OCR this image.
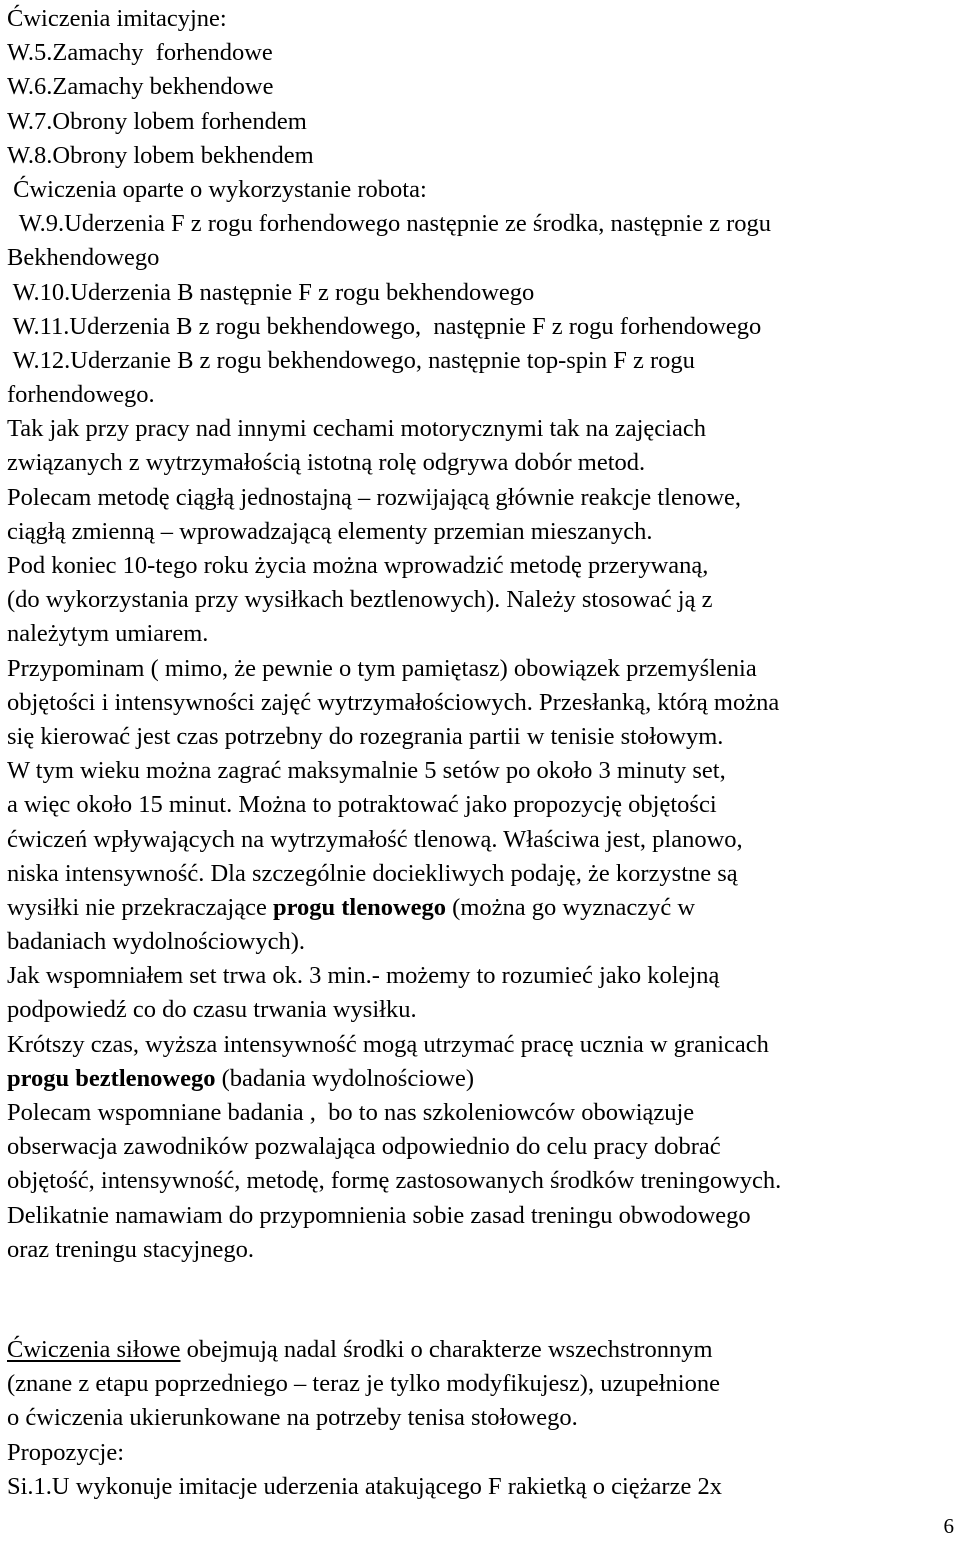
Ćwiczenia imitacyjne:
W.5.Zamachy  forhendowe
W.6.Zamachy bekhendowe
W.7.Obrony lobem forhendem
W.8.Obrony lobem bekhendem
Ćwiczenia oparte o wykorzystanie robota:
W.9.Uderzenia F z rogu forhendowego następnie ze środka, następnie z rogu
Bekhendowego
W.10.Uderzenia B następnie F z rogu bekhendowego
W.11.Uderzenia B z rogu bekhendowego,  następnie F z rogu forhendowego
W.12.Uderzanie B z rogu bekhendowego, następnie top-spin F z rogu
forhendowego.
Tak jak przy pracy nad innymi cechami motorycznymi tak na zajęciach
związanych z wytrzymałością istotną rolę odgrywa dobór metod.
Polecam metodę ciągłą jednostajną – rozwijającą głównie reakcje tlenowe,
ciągłą zmienną – wprowadzającą elementy przemian mieszanych.
Pod koniec 10-tego roku życia można wprowadzić metodę przerywaną,
(do wykorzystania przy wysiłkach beztlenowych). Należy stosować ją z
należytym umiarem.
Przypominam ( mimo, że pewnie o tym pamiętasz) obowiązek przemyślenia
objętości i intensywności zajęć wytrzymałościowych. Przesłanką, którą można
się kierować jest czas potrzebny do rozegrania partii w tenisie stołowym.
W tym wieku można zagrać maksymalnie 5 setów po około 3 minuty set,
a więc około 15 minut. Można to potraktować jako propozycję objętości
ćwiczeń wpływających na wytrzymałość tlenową. Właściwa jest, planowo,
niska intensywność. Dla szczególnie dociekliwych podaję, że korzystne są
wysiłki nie przekraczające progu tlenowego (można go wyznaczyć w
badaniach wydolnościowych).
Jak wspomniałem set trwa ok. 3 min.- możemy to rozumieć jako kolejną
podpowiedź co do czasu trwania wysiłku.
Krótszy czas, wyższa intensywność mogą utrzymać pracę ucznia w granicach
progu beztlenowego (badania wydolnościowe)
Polecam wspomniane badania ,  bo to nas szkoleniowców obowiązuje
obserwacja zawodników pozwalająca odpowiednio do celu pracy dobrać
objętość, intensywność, metodę, formę zastosowanych środków treningowych.
Delikatnie namawiam do przypomnienia sobie zasad treningu obwodowego
oraz treningu stacyjnego.
Ćwiczenia siłowe obejmują nadal środki o charakterze wszechstronnym
(znane z etapu poprzedniego – teraz je tylko modyfikujesz), uzupełnione
o ćwiczenia ukierunkowane na potrzeby tenisa stołowego.
Propozycje:
Si.1.U wykonuje imitacje uderzenia atakującego F rakietką o ciężarze 2x
6
